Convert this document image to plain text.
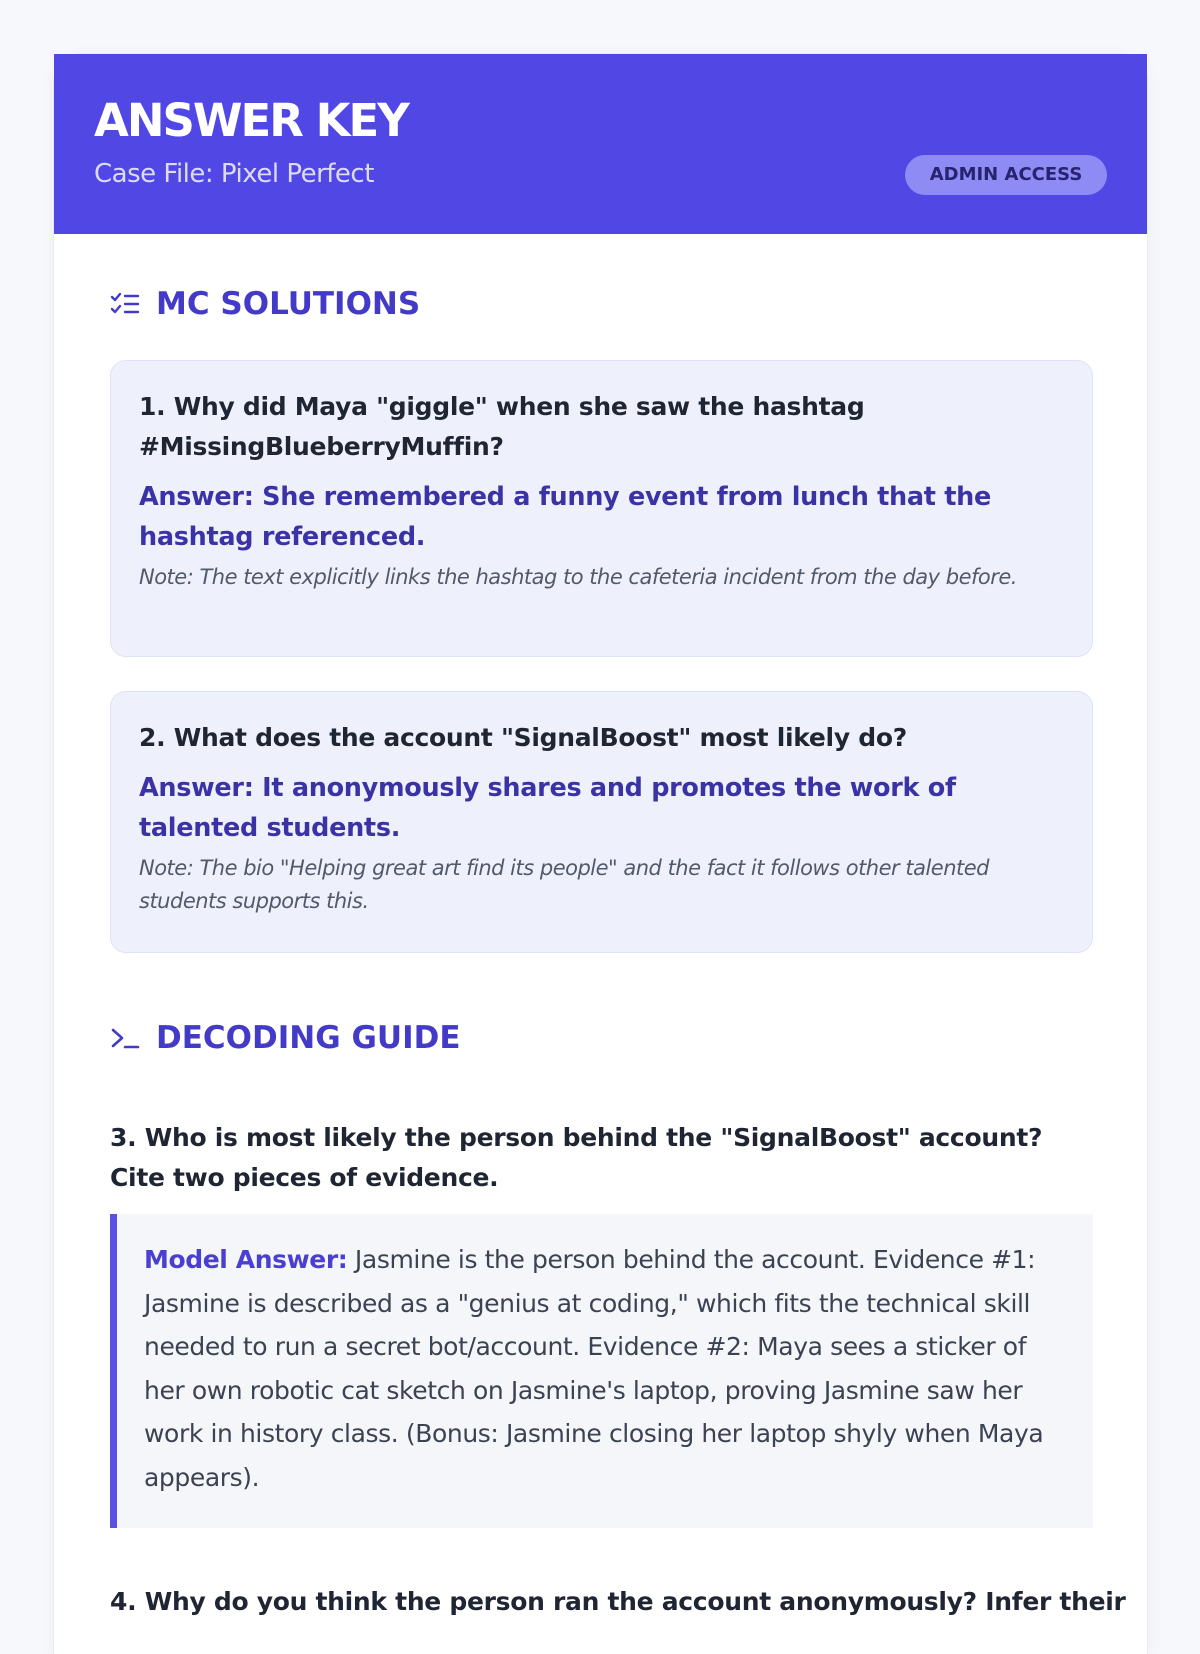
ANSWER KEY
Case File: Pixel Perfect	ADMIN ACCESS
MC SOLUTIONS
1. Why did Maya "giggle" when she saw the hashtag #MissingBlueberryMuffin?
Answer: She remembered a funny event from lunch that the hashtag referenced.
Note: The text explicitly links the hashtag to the cafeteria incident from the day before.
2. What does the account "SignalBoost" most likely do?
Answer: It anonymously shares and promotes the work of talented students.
Note: The bio "Helping great art find its people" and the fact it follows other talented students supports this.
DECODING GUIDE
3. Who is most likely the person behind the "SignalBoost" account? Cite two pieces of evidence.
Model Answer: Jasmine is the person behind the account. Evidence #1: Jasmine is described as a "genius at coding," which fits the technical skill needed to run a secret bot/account. Evidence #2: Maya sees a sticker of her own robotic cat sketch on Jasmine's laptop, proving Jasmine saw her work in history class. (Bonus: Jasmine closing her laptop shyly when Maya appears).
4. Why do you think the person ran the account anonymously? Infer their
